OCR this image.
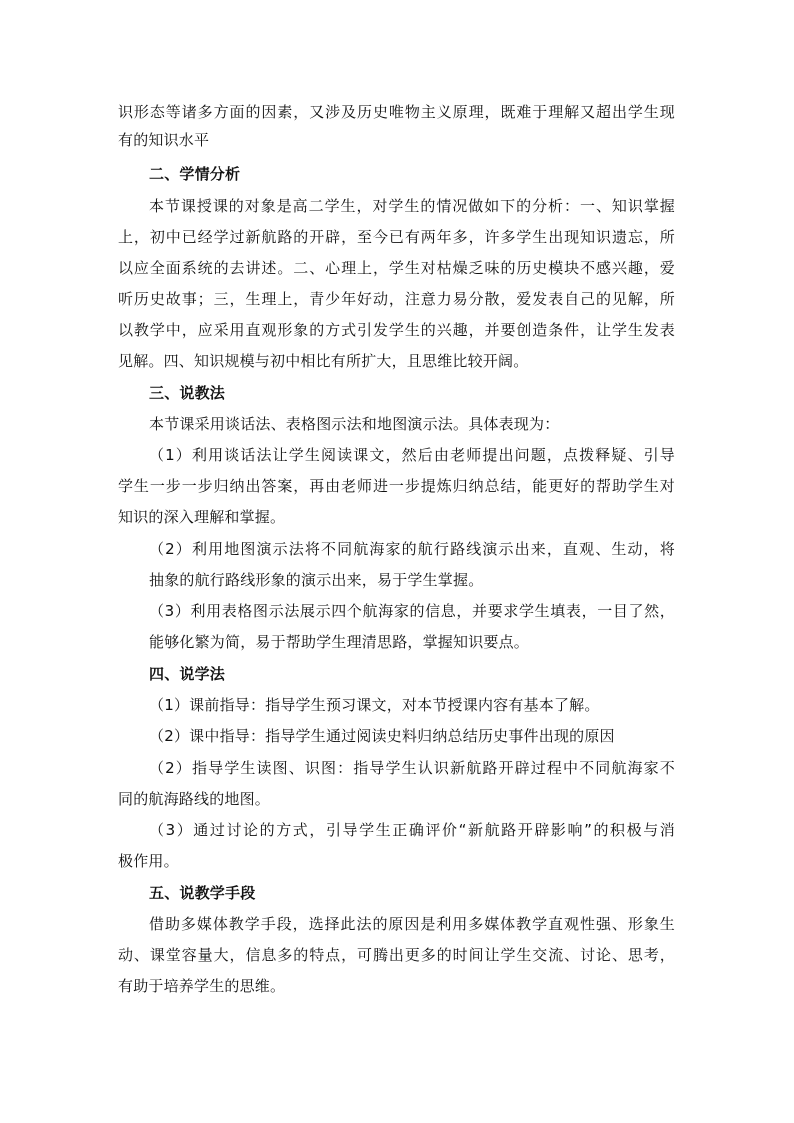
识形态等诸多方面的因素，又涉及历史唯物主义原理，既难于理解又超出学生现
有的知识水平
二、学情分析
本节课授课的对象是高二学生，对学生的情况做如下的分析：一、知识掌握
上，初中已经学过新航路的开辟，至今已有两年多，许多学生出现知识遗忘，所
以应全面系统的去讲述。二、心理上，学生对枯燥乏味的历史模块不感兴趣，爱
听历史故事；三，生理上，青少年好动，注意力易分散，爱发表自己的见解，所
以教学中，应采用直观形象的方式引发学生的兴趣，并要创造条件，让学生发表
见解。四、知识规模与初中相比有所扩大，且思维比较开阔。
三、说教法
本节课采用谈话法、表格图示法和地图演示法。具体表现为：
（1）利用谈话法让学生阅读课文，然后由老师提出问题，点拨释疑、引导
学生一步一步归纳出答案，再由老师进一步提炼归纳总结，能更好的帮助学生对
知识的深入理解和掌握。
（2）利用地图演示法将不同航海家的航行路线演示出来，直观、生动，将
抽象的航行路线形象的演示出来，易于学生掌握。
（3）利用表格图示法展示四个航海家的信息，并要求学生填表，一目了然，
能够化繁为简，易于帮助学生理清思路，掌握知识要点。
四、说学法
（1）课前指导：指导学生预习课文，对本节授课内容有基本了解。
（2）课中指导：指导学生通过阅读史料归纳总结历史事件出现的原因
（2）指导学生读图、识图：指导学生认识新航路开辟过程中不同航海家不
同的航海路线的地图。
（3）通过讨论的方式，引导学生正确评价“新航路开辟影响”的积极与消
极作用。
五、说教学手段
借助多媒体教学手段，选择此法的原因是利用多媒体教学直观性强、形象生
动、课堂容量大，信息多的特点，可腾出更多的时间让学生交流、讨论、思考，
有助于培养学生的思维。
